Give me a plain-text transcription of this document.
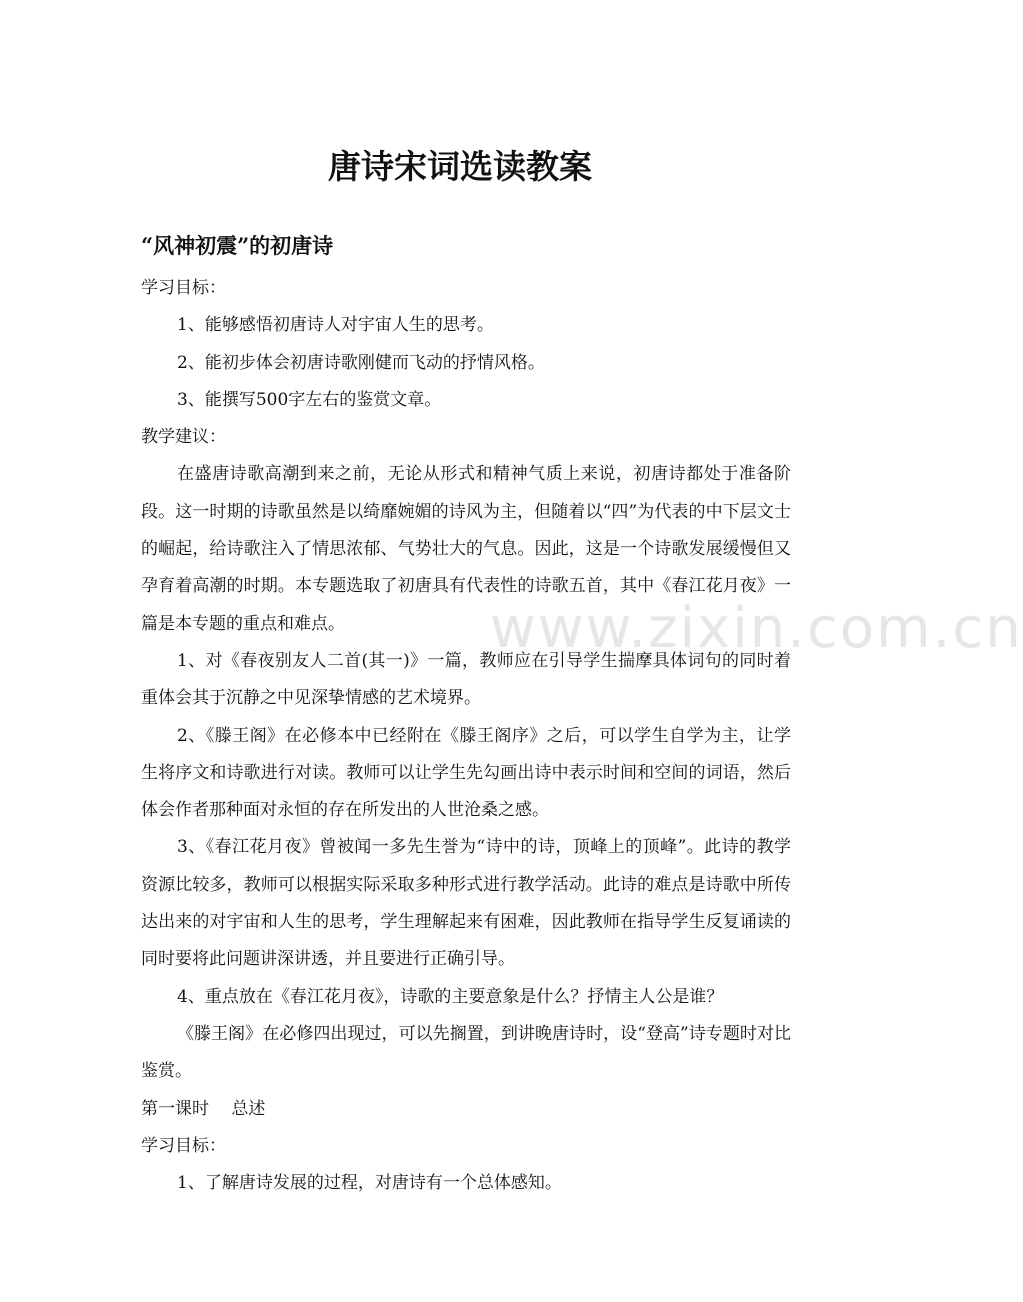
www.zixin.com.cn
唐诗宋词选读教案
“风神初震”的初唐诗

学习目标：

1、能够感悟初唐诗人对宇宙人生的思考。

2、能初步体会初唐诗歌刚健而飞动的抒情风格。

3、能撰写500字左右的鉴赏文章。

教学建议：

在盛唐诗歌高潮到来之前，无论从形式和精神气质上来说，初唐诗都处于准备阶段。这一时期的诗歌虽然是以绮靡婉媚的诗风为主，但随着以“四”为代表的中下层文士的崛起，给诗歌注入了情思浓郁、气势壮大的气息。因此，这是一个诗歌发展缓慢但又孕育着高潮的时期。本专题选取了初唐具有代表性的诗歌五首，其中《春江花月夜》一篇是本专题的重点和难点。

1、对《春夜别友人二首(其一)》一篇，教师应在引导学生揣摩具体词句的同时着重体会其于沉静之中见深挚情感的艺术境界。

2、《滕王阁》在必修本中已经附在《滕王阁序》之后，可以学生自学为主，让学生将序文和诗歌进行对读。教师可以让学生先勾画出诗中表示时间和空间的词语，然后体会作者那种面对永恒的存在所发出的人世沧桑之感。

3、《春江花月夜》曾被闻一多先生誉为“诗中的诗，顶峰上的顶峰”。此诗的教学资源比较多，教师可以根据实际采取多种形式进行教学活动。此诗的难点是诗歌中所传达出来的对宇宙和人生的思考，学生理解起来有困难，因此教师在指导学生反复诵读的同时要将此问题讲深讲透，并且要进行正确引导。

4、重点放在《春江花月夜》，诗歌的主要意象是什么？抒情主人公是谁？

《滕王阁》在必修四出现过，可以先搁置，到讲晚唐诗时，设“登高”诗专题时对比鉴赏。

第一课时　 总述

学习目标：

1、了解唐诗发展的过程，对唐诗有一个总体感知。
